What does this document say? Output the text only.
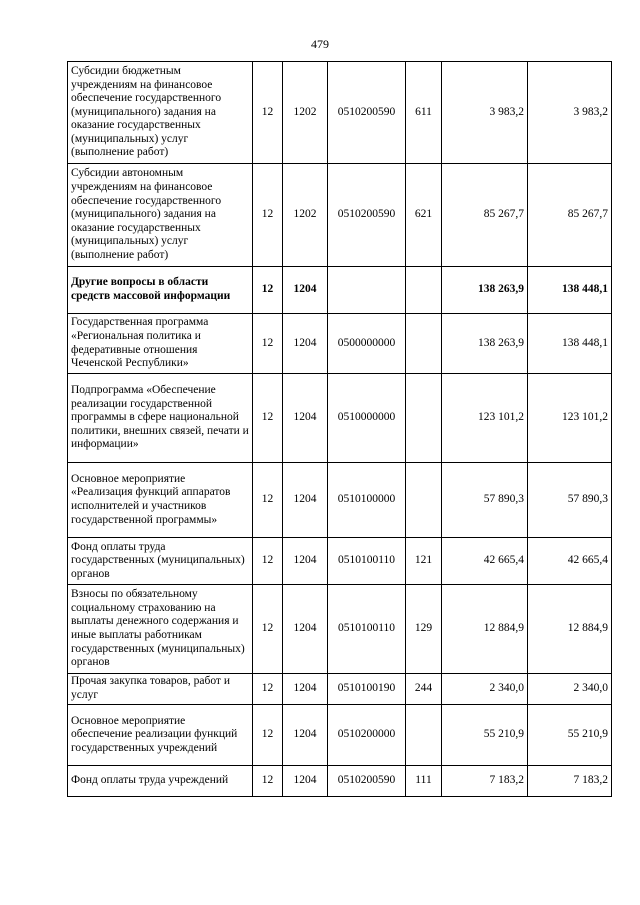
479
Субсидии бюджетным учреждениям на финансовое обеспечение государственного (муниципального) задания на оказание государственных (муниципальных) услуг (выполнение работ)	12	1202	0510200590	611	3 983,2	3 983,2
Субсидии автономным учреждениям на финансовое обеспечение государственного (муниципального) задания на оказание государственных (муниципальных) услуг (выполнение работ)	12	1202	0510200590	621	85 267,7	85 267,7
Другие вопросы в области средств массовой информации	12	1204			138 263,9	138 448,1
Государственная программа «Региональная политика и федеративные отношения Чеченской Республики»	12	1204	0500000000		138 263,9	138 448,1
Подпрограмма «Обеспечение реализации государственной программы в сфере национальной политики, внешних связей, печати и информации»	12	1204	0510000000		123 101,2	123 101,2
Основное мероприятие «Реализация функций аппаратов исполнителей и участников государственной программы»	12	1204	0510100000		57 890,3	57 890,3
Фонд оплаты труда государственных (муниципальных) органов	12	1204	0510100110	121	42 665,4	42 665,4
Взносы по обязательному социальному страхованию на выплаты денежного содержания и иные выплаты работникам государственных (муниципальных) органов	12	1204	0510100110	129	12 884,9	12 884,9
Прочая закупка товаров, работ и услуг	12	1204	0510100190	244	2 340,0	2 340,0
Основное мероприятие обеспечение реализации функций государственных учреждений	12	1204	0510200000		55 210,9	55 210,9
Фонд оплаты труда учреждений	12	1204	0510200590	111	7 183,2	7 183,2
